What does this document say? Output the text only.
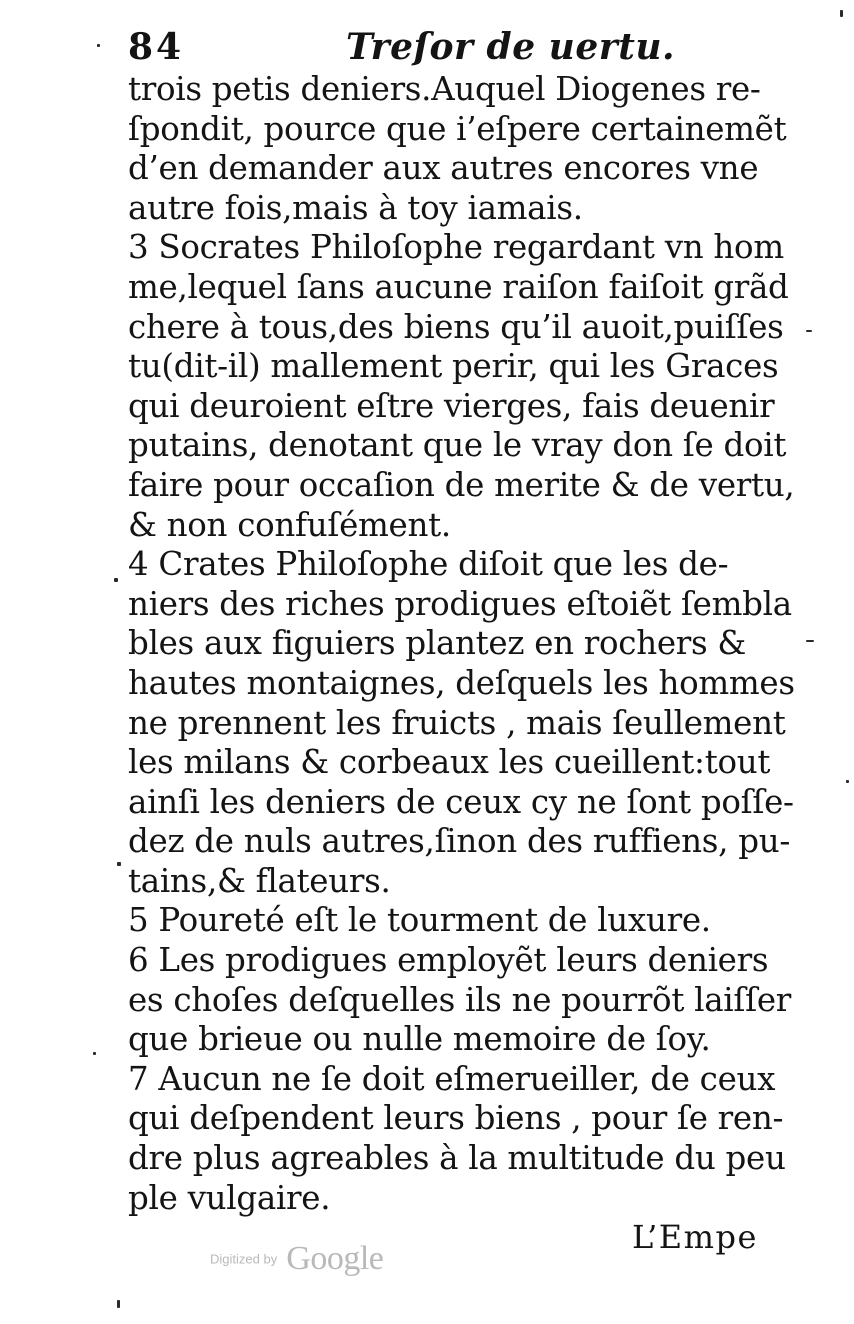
84	Treſor de uertu.
trois petis deniers.Auquel Diogenes re-
ſpondit, pource que i’eſpere certainemẽt
d’en demander aux autres encores vne
autre fois,mais à toy iamais.
3 Socrates Philoſophe regardant vn hom
me,lequel ſans aucune raiſon faiſoit grãd
chere à tous,des biens qu’il auoit,puiſſes
tu(dit-il) mallement perir, qui les Graces
qui deuroient eſtre vierges, fais deuenir
putains, denotant que le vray don ſe doit
faire pour occaſion de merite & de vertu,
& non confuſément.
4 Crates Philoſophe diſoit que les de-
niers des riches prodigues eſtoiẽt ſembla
bles aux figuiers plantez en rochers &
hautes montaignes, deſquels les hommes
ne prennent les fruicts , mais ſeullement
les milans & corbeaux les cueillent:tout
ainſi les deniers de ceux cy ne ſont poſſe-
dez de nuls autres,ſinon des ruffiens, pu-
tains,& flateurs.
5 Poureté eſt le tourment de luxure.
6 Les prodigues employẽt leurs deniers
es choſes deſquelles ils ne pourrõt laiſſer
que brieue ou nulle memoire de ſoy.
7 Aucun ne ſe doit eſmerueiller, de ceux
qui deſpendent leurs biens , pour ſe ren-
dre plus agreables à la multitude du peu
ple vulgaire.
L’Empe
Digitized by Google
